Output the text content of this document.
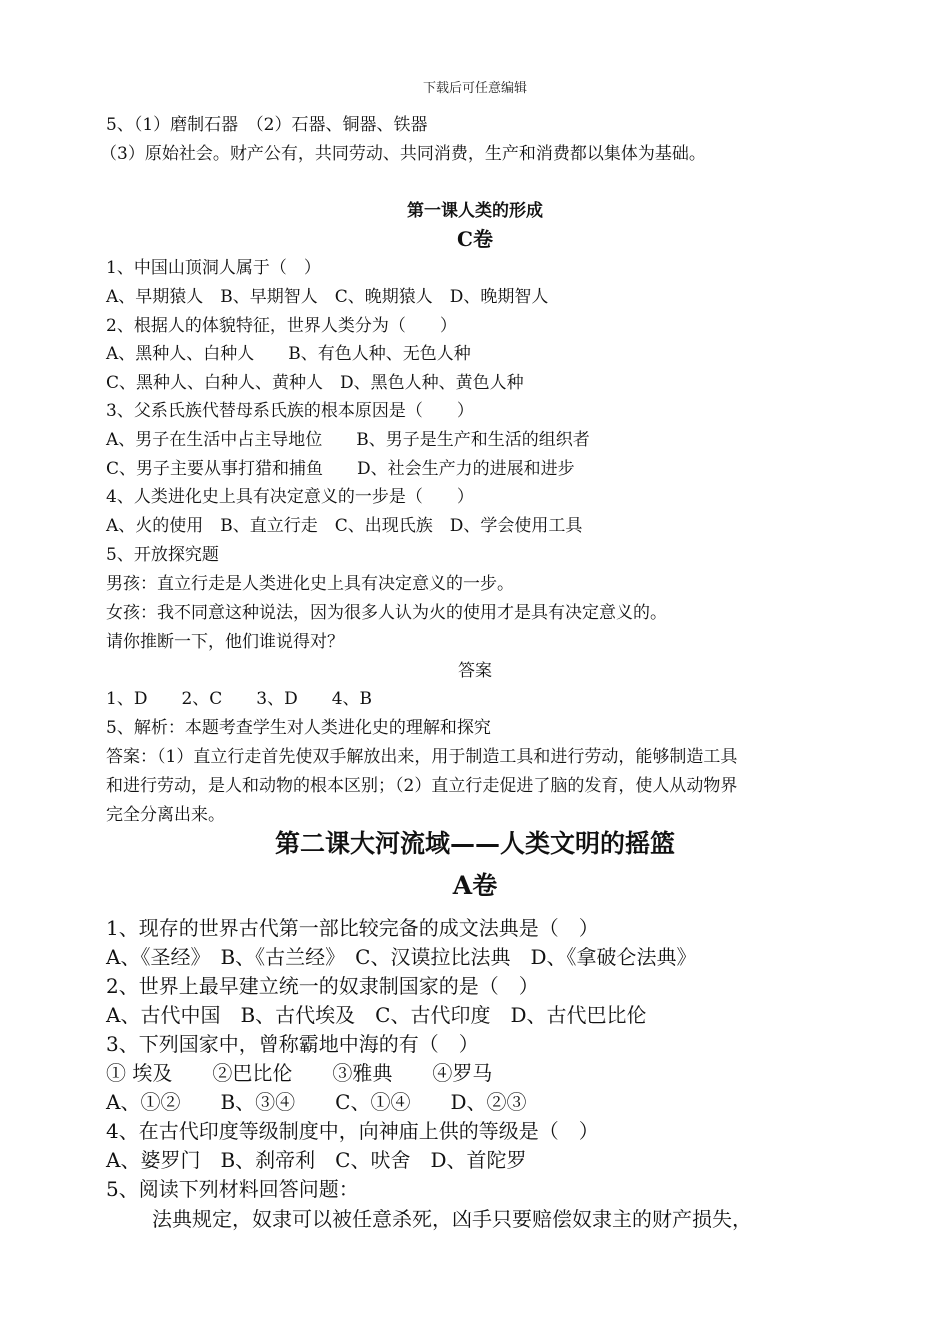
下载后可任意编辑
5、（1）磨制石器　（2）石器、铜器、铁器
（3）原始社会。财产公有，共同劳动、共同消费，生产和消费都以集体为基础。
第一课人类的形成
C卷
1、中国山顶洞人属于（　）
A、早期猿人　B、早期智人　C、晚期猿人　D、晚期智人
2、根据人的体貌特征，世界人类分为（　　）
A、黑种人、白种人　　B、有色人种、无色人种
C、黑种人、白种人、黄种人　D、黑色人种、黄色人种
3、父系氏族代替母系氏族的根本原因是（　　）
A、男子在生活中占主导地位　　B、男子是生产和生活的组织者
C、男子主要从事打猎和捕鱼　　D、社会生产力的进展和进步
4、人类进化史上具有决定意义的一步是（　　）
A、火的使用　B、直立行走　C、出现氏族　D、学会使用工具
5、开放探究题
男孩：直立行走是人类进化史上具有决定意义的一步。
女孩：我不同意这种说法，因为很多人认为火的使用才是具有决定意义的。
请你推断一下，他们谁说得对？
答案
1、D　　2、C　　3、D　　4、B
5、解析：本题考查学生对人类进化史的理解和探究
答案：（1）直立行走首先使双手解放出来，用于制造工具和进行劳动，能够制造工具
和进行劳动，是人和动物的根本区别；（2）直立行走促进了脑的发育，使人从动物界
完全分离出来。
第二课大河流域——人类文明的摇篮
A卷
1、现存的世界古代第一部比较完备的成文法典是（　）
A、《圣经》　B、《古兰经》　C、汉谟拉比法典　D、《拿破仑法典》
2、世界上最早建立统一的奴隶制国家的是（　）
A、古代中国　B、古代埃及　C、古代印度　D、古代巴比伦
3、下列国家中，曾称霸地中海的有（　）
① 埃及　　②巴比伦　　③雅典　　④罗马
A、①②　　B、③④　　C、①④　　D、②③
4、在古代印度等级制度中，向神庙上供的等级是（　）
A、婆罗门　B、刹帝利　C、吠舍　D、首陀罗
5、阅读下列材料回答问题：
法典规定，奴隶可以被任意杀死，凶手只要赔偿奴隶主的财产损失，
